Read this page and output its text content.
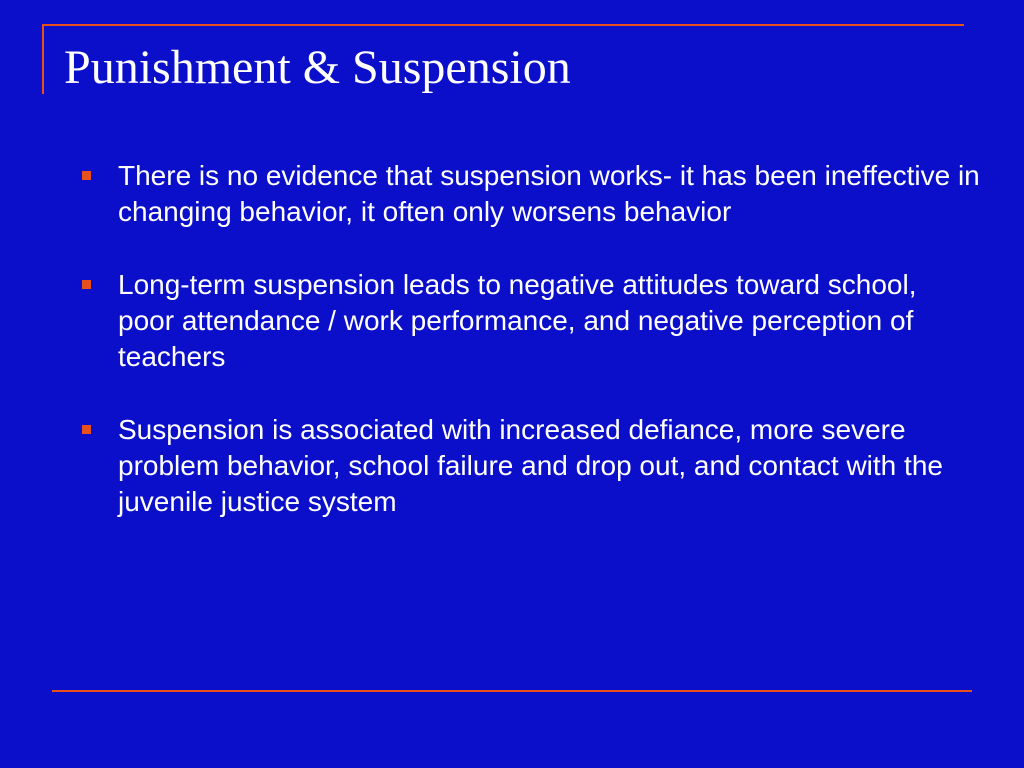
Punishment & Suspension
There is no evidence that suspension works- it has been ineffective in changing behavior, it often only worsens behavior
Long-term suspension leads to negative attitudes toward school, poor attendance / work performance, and negative perception of teachers
Suspension is associated with increased defiance, more severe problem behavior, school failure and drop out, and contact with the juvenile justice system
